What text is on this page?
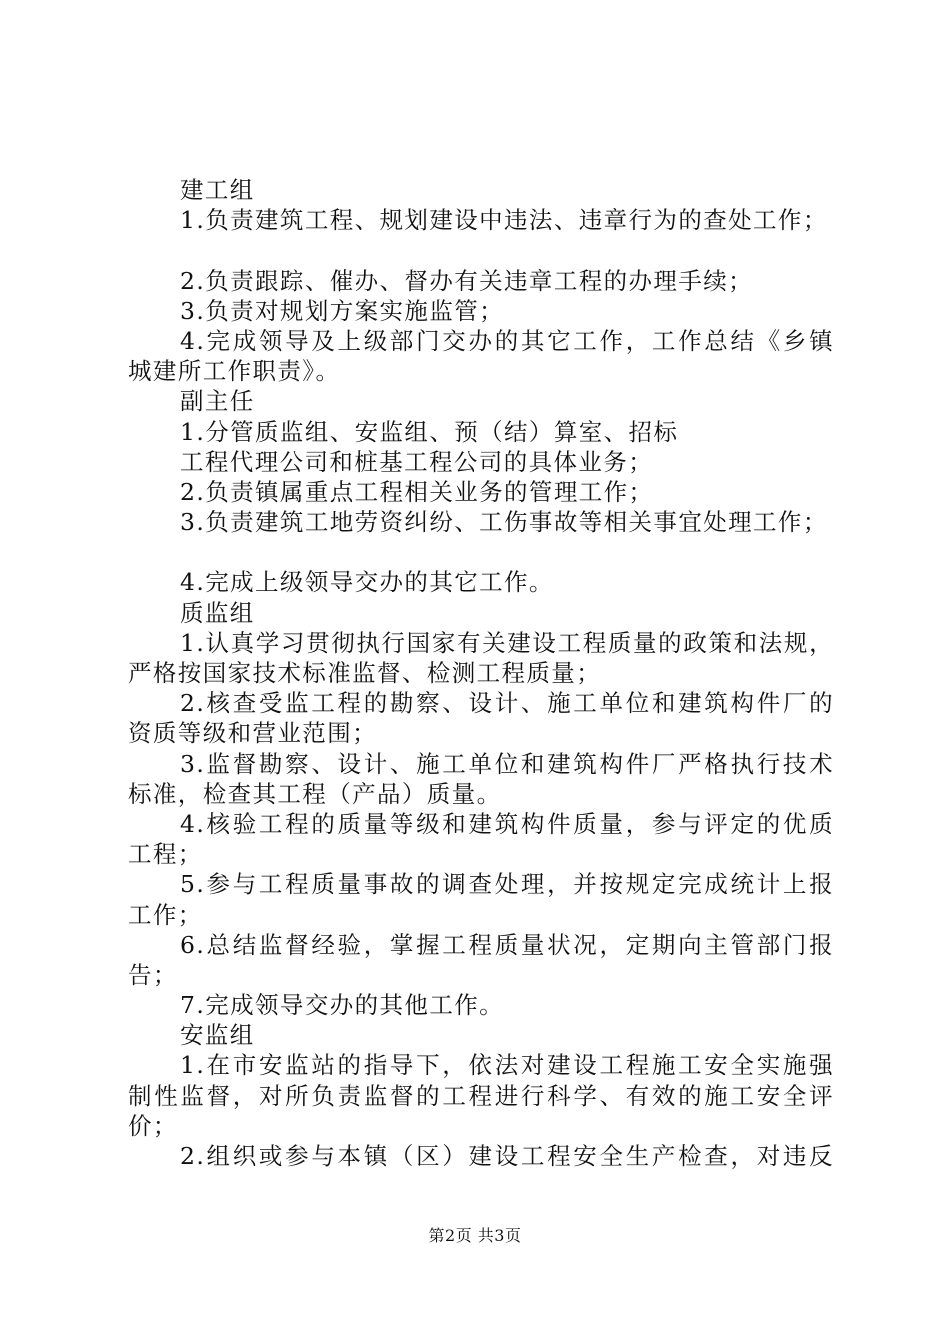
建工组
1.负责建筑工程、规划建设中违法、违章行为的查处工作；
2.负责跟踪、催办、督办有关违章工程的办理手续；
3.负责对规划方案实施监管；
4.完成领导及上级部门交办的其它工作，工作总结《乡镇
城建所工作职责》。
副主任
1.分管质监组、安监组、预（结）算室、招标
工程代理公司和桩基工程公司的具体业务；
2.负责镇属重点工程相关业务的管理工作；
3.负责建筑工地劳资纠纷、工伤事故等相关事宜处理工作；
4.完成上级领导交办的其它工作。
质监组
1.认真学习贯彻执行国家有关建设工程质量的政策和法规，
严格按国家技术标准监督、检测工程质量；
2.核查受监工程的勘察、设计、施工单位和建筑构件厂的
资质等级和营业范围；
3.监督勘察、设计、施工单位和建筑构件厂严格执行技术
标准，检查其工程（产品）质量。
4.核验工程的质量等级和建筑构件质量，参与评定的优质
工程；
5.参与工程质量事故的调查处理，并按规定完成统计上报
工作；
6.总结监督经验，掌握工程质量状况，定期向主管部门报
告；
7.完成领导交办的其他工作。
安监组
1.在市安监站的指导下，依法对建设工程施工安全实施强
制性监督，对所负责监督的工程进行科学、有效的施工安全评
价；
2.组织或参与本镇（区）建设工程安全生产检查，对违反
第2页 共3页
